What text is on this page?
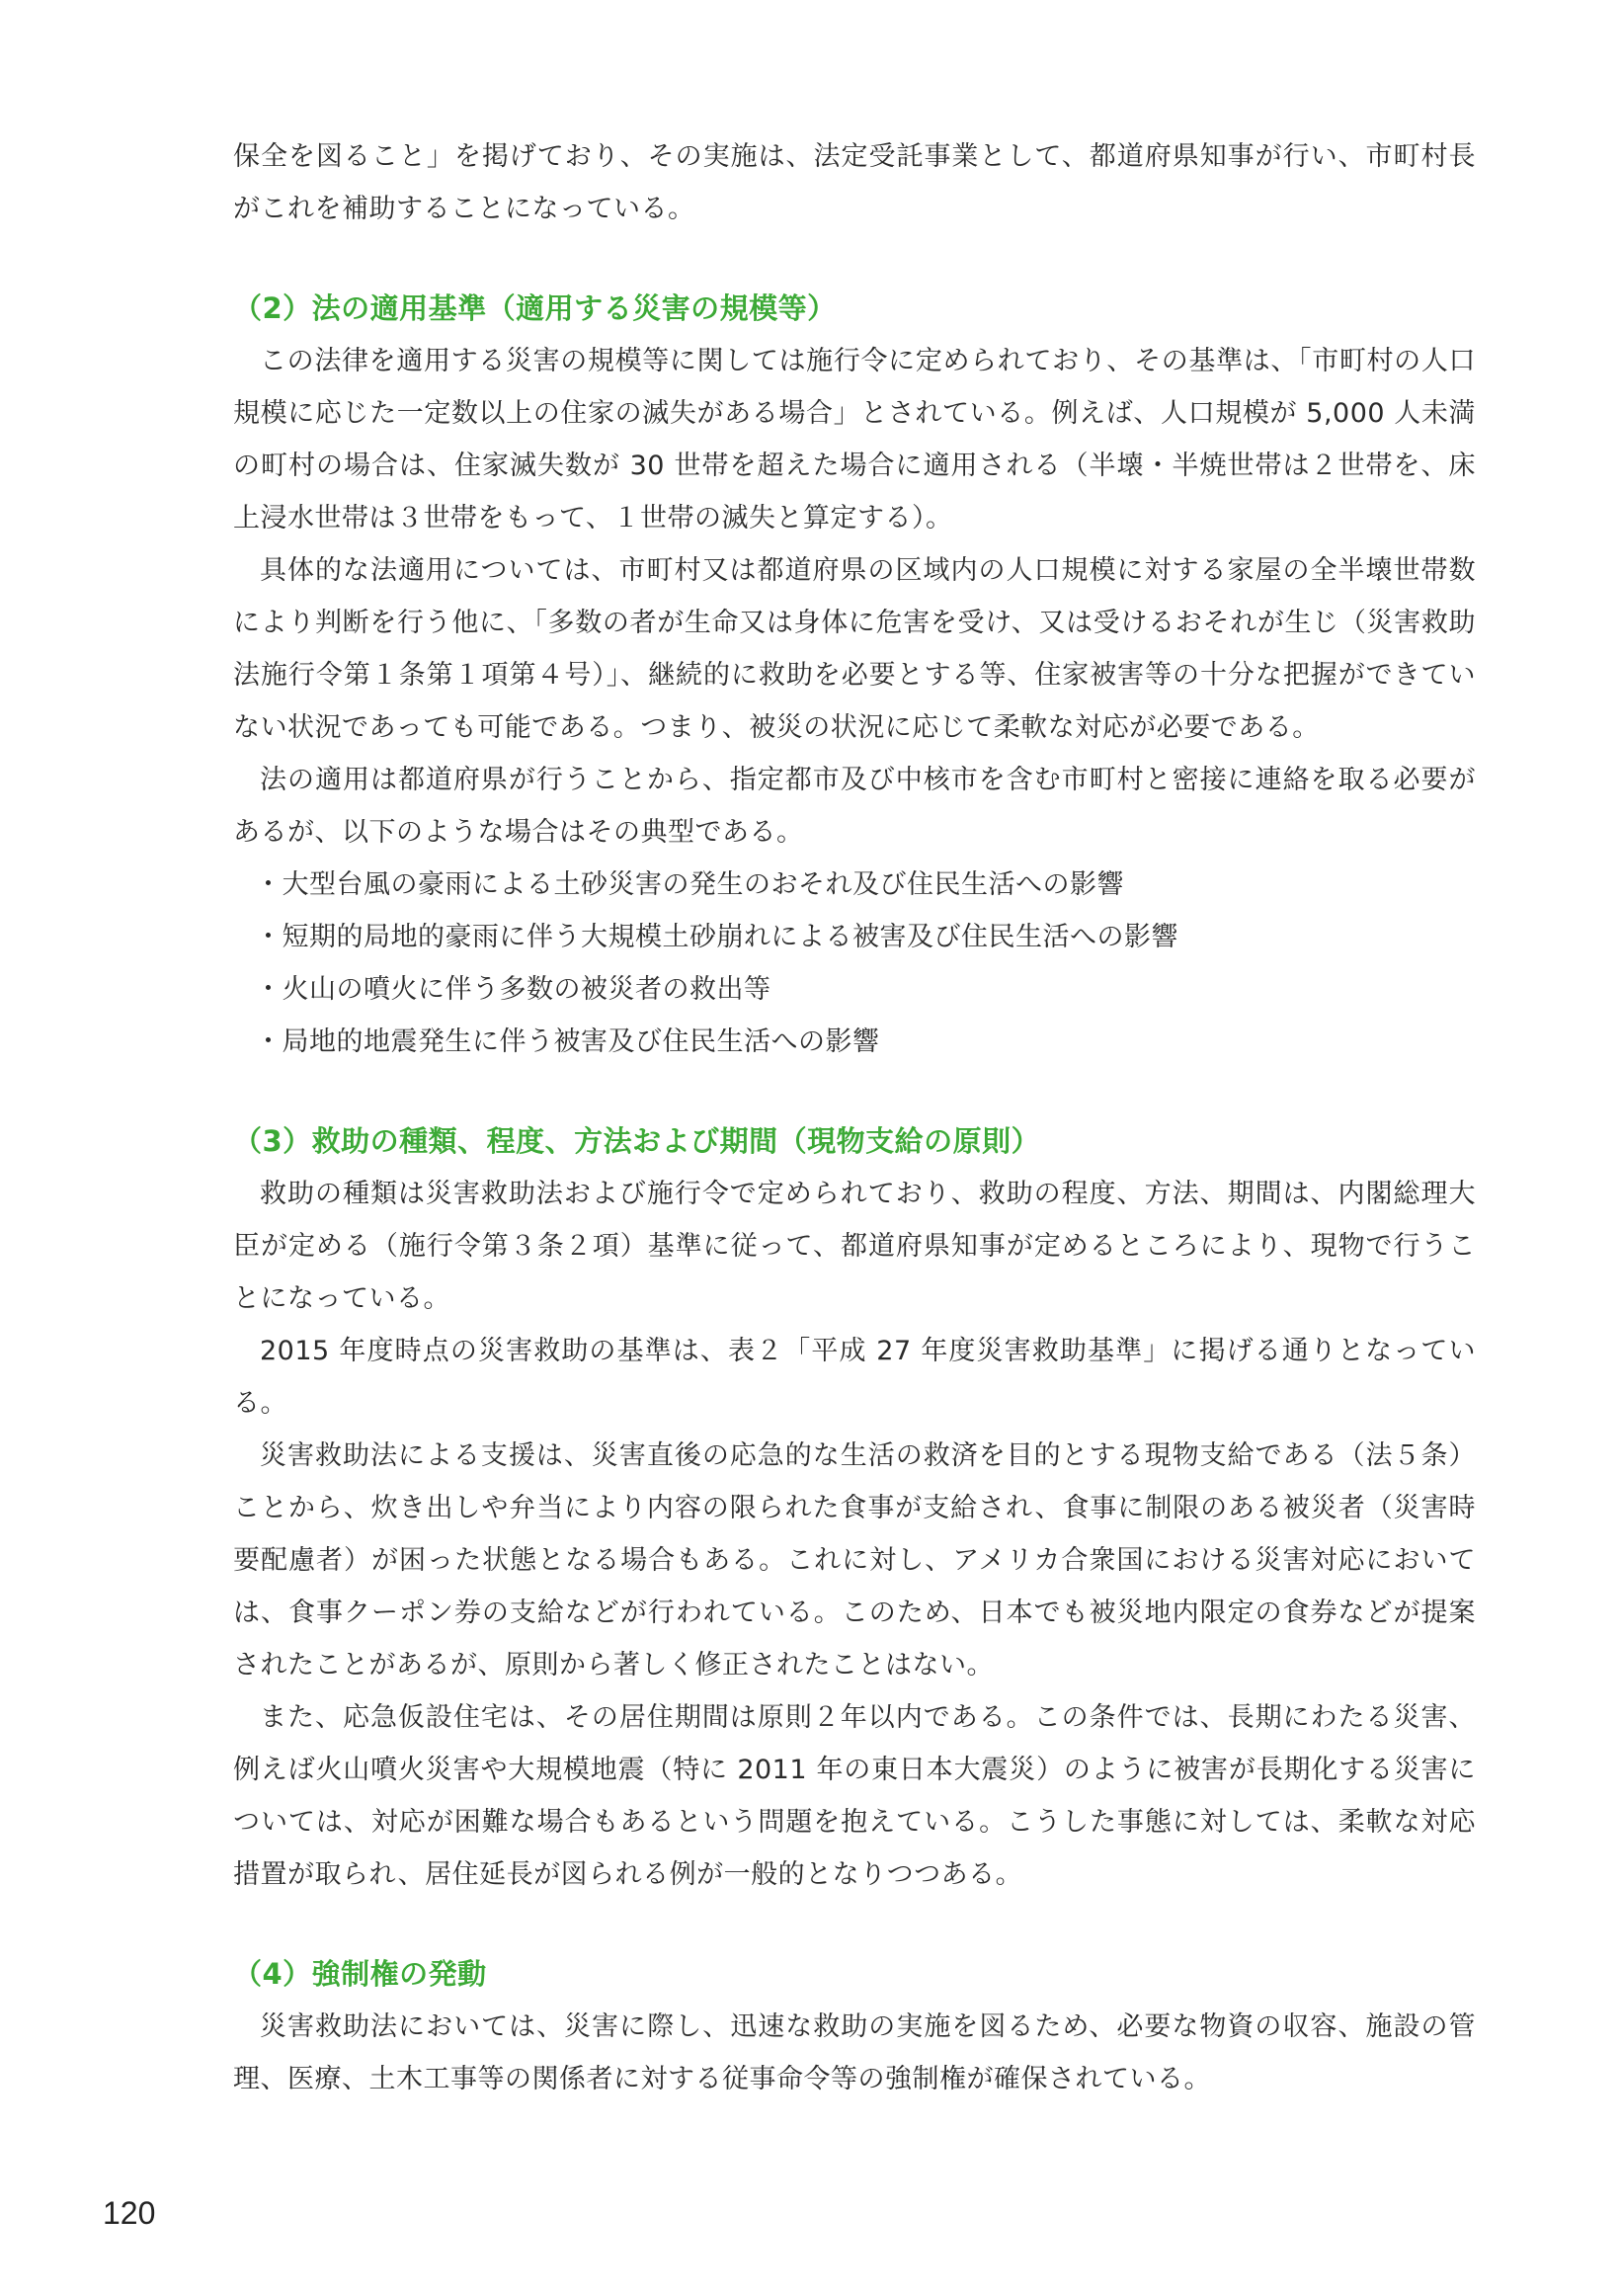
保全を図ること」を掲げており、その実施は、法定受託事業として、都道府県知事が行い、市町村長がこれを補助することになっている。

（2）法の適用基準（適用する災害の規模等）

この法律を適用する災害の規模等に関しては施行令に定められており、その基準は、「市町村の人口規模に応じた一定数以上の住家の滅失がある場合」とされている。例えば、人口規模が 5,000 人未満の町村の場合は、住家滅失数が 30 世帯を超えた場合に適用される（半壊・半焼世帯は２世帯を、床上浸水世帯は３世帯をもって、１世帯の滅失と算定する）。

具体的な法適用については、市町村又は都道府県の区域内の人口規模に対する家屋の全半壊世帯数により判断を行う他に、「多数の者が生命又は身体に危害を受け、又は受けるおそれが生じ（災害救助法施行令第１条第１項第４号）」、継続的に救助を必要とする等、住家被害等の十分な把握ができていない状況であっても可能である。つまり、被災の状況に応じて柔軟な対応が必要である。

法の適用は都道府県が行うことから、指定都市及び中核市を含む市町村と密接に連絡を取る必要があるが、以下のような場合はその典型である。

・ 大型台風の豪雨による土砂災害の発生のおそれ及び住民生活への影響
・ 短期的局地的豪雨に伴う大規模土砂崩れによる被害及び住民生活への影響
・ 火山の噴火に伴う多数の被災者の救出等
・ 局地的地震発生に伴う被害及び住民生活への影響
（3）救助の種類、程度、方法および期間（現物支給の原則）

救助の種類は災害救助法および施行令で定められており、救助の程度、方法、期間は、内閣総理大臣が定める（施行令第３条２項）基準に従って、都道府県知事が定めるところにより、現物で行うことになっている。

2015 年度時点の災害救助の基準は、表２「平成 27 年度災害救助基準」に掲げる通りとなっている。

災害救助法による支援は、災害直後の応急的な生活の救済を目的とする現物支給である（法５条）ことから、炊き出しや弁当により内容の限られた食事が支給され、食事に制限のある被災者（災害時要配慮者）が困った状態となる場合もある。これに対し、アメリカ合衆国における災害対応においては、食事クーポン券の支給などが行われている。このため、日本でも被災地内限定の食券などが提案されたことがあるが、原則から著しく修正されたことはない。

また、応急仮設住宅は、その居住期間は原則２年以内である。この条件では、長期にわたる災害、例えば火山噴火災害や大規模地震（特に 2011 年の東日本大震災）のように被害が長期化する災害については、対応が困難な場合もあるという問題を抱えている。こうした事態に対しては、柔軟な対応措置が取られ、居住延長が図られる例が一般的となりつつある。

（4）強制権の発動

災害救助法においては、災害に際し、迅速な救助の実施を図るため、必要な物資の収容、施設の管理、医療、土木工事等の関係者に対する従事命令等の強制権が確保されている。

120
